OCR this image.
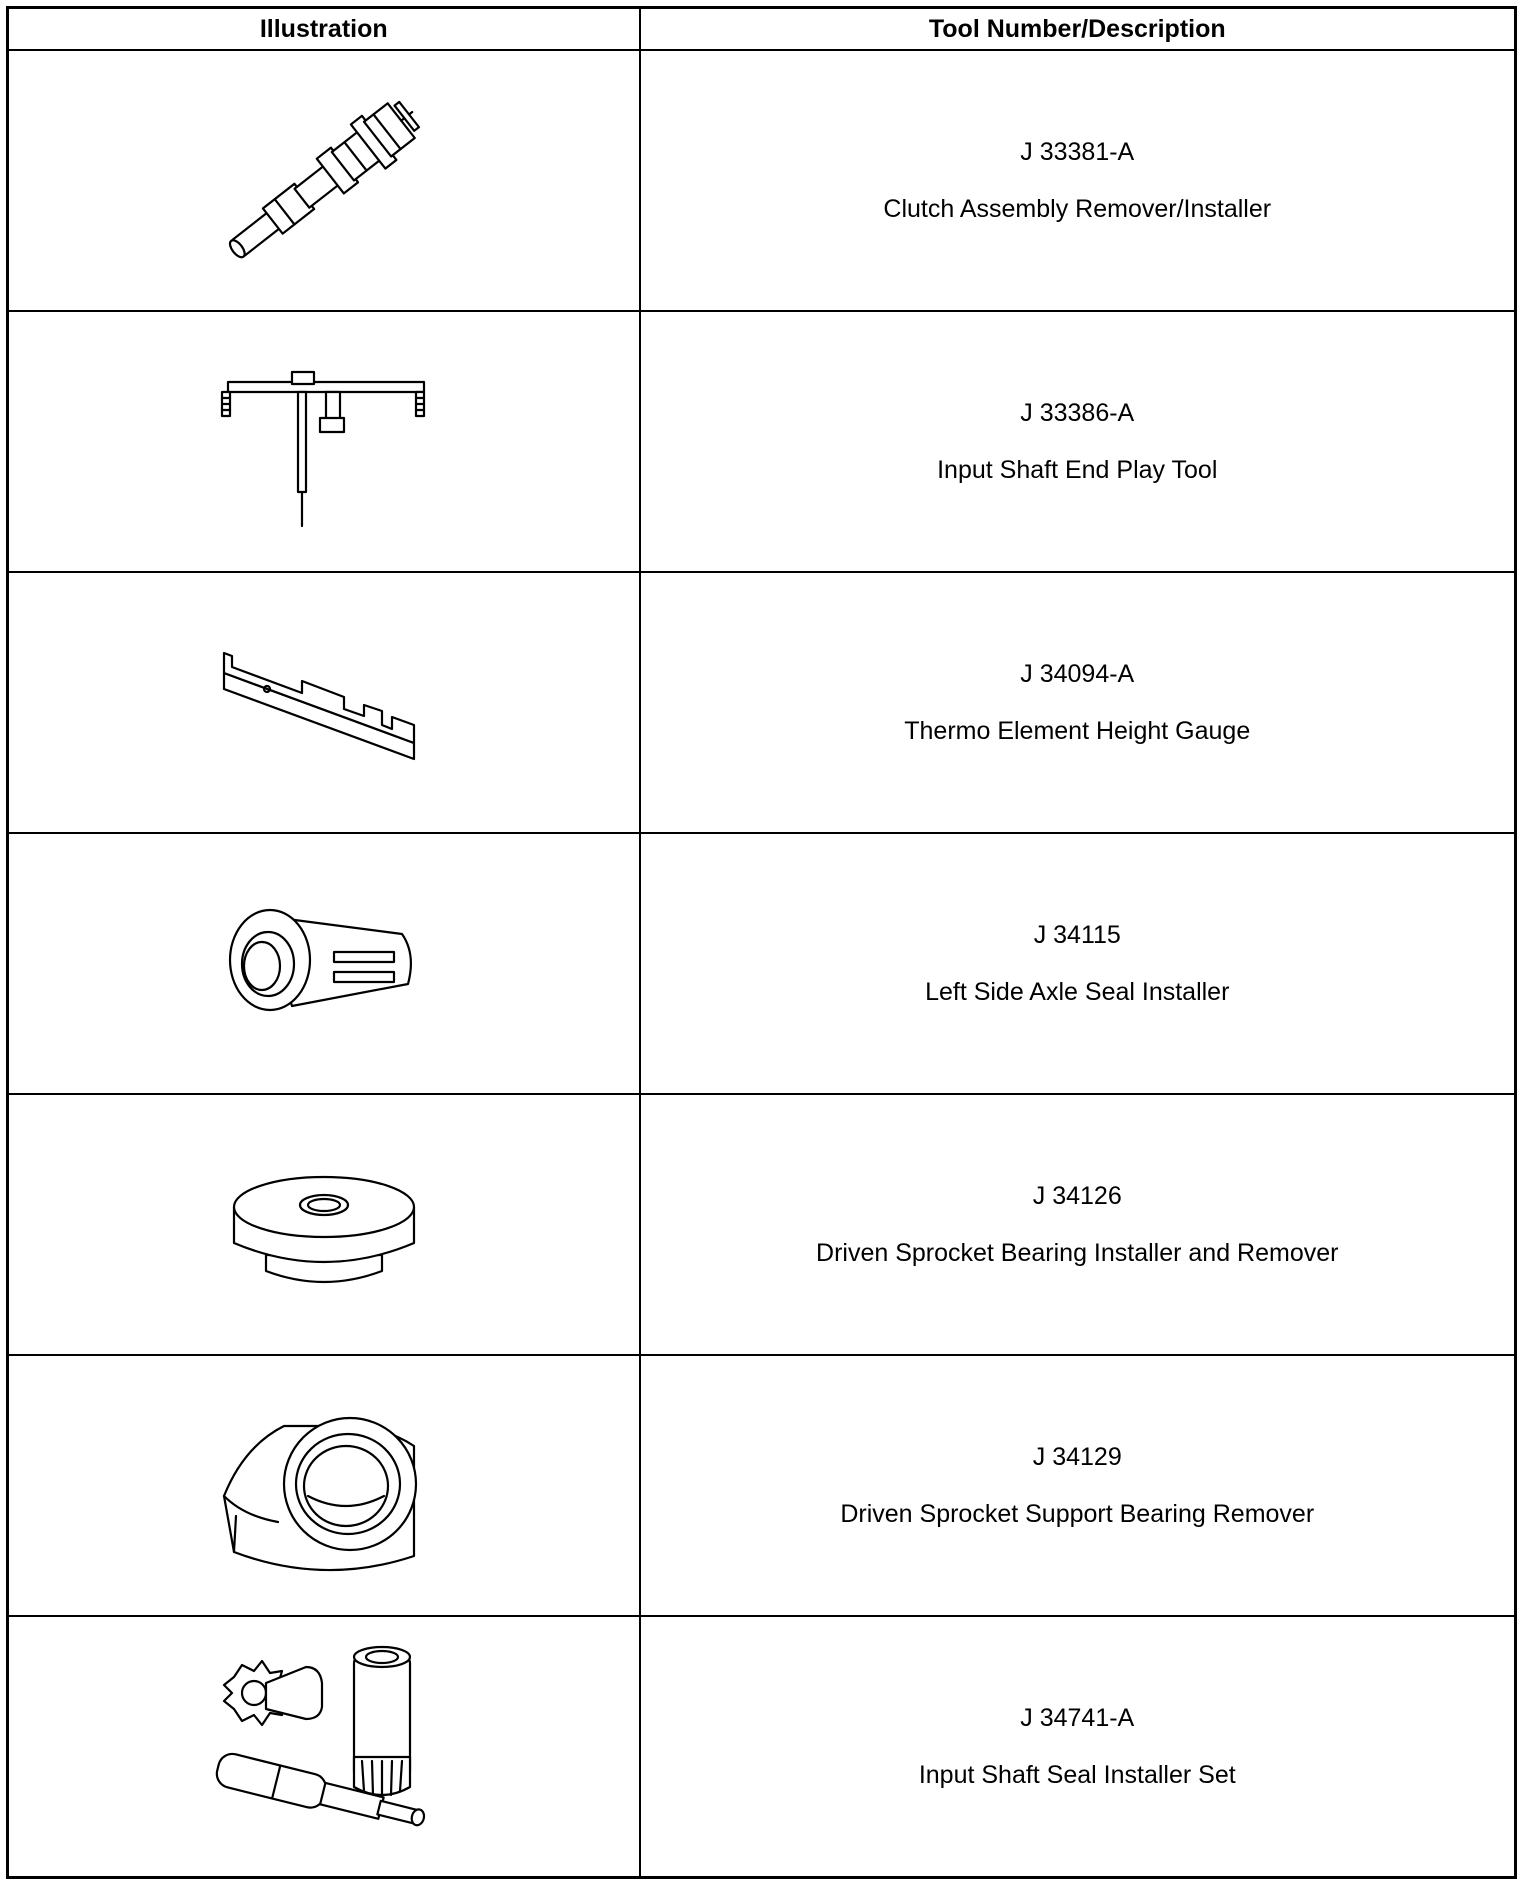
Illustration	Tool Number/Description

J 33381-A
Clutch Assembly Remover/Installer

J 33386-A
Input Shaft End Play Tool

J 34094-A
Thermo Element Height Gauge

J 34115
Left Side Axle Seal Installer

J 34126
Driven Sprocket Bearing Installer and Remover

J 34129
Driven Sprocket Support Bearing Remover

J 34741-A
Input Shaft Seal Installer Set
